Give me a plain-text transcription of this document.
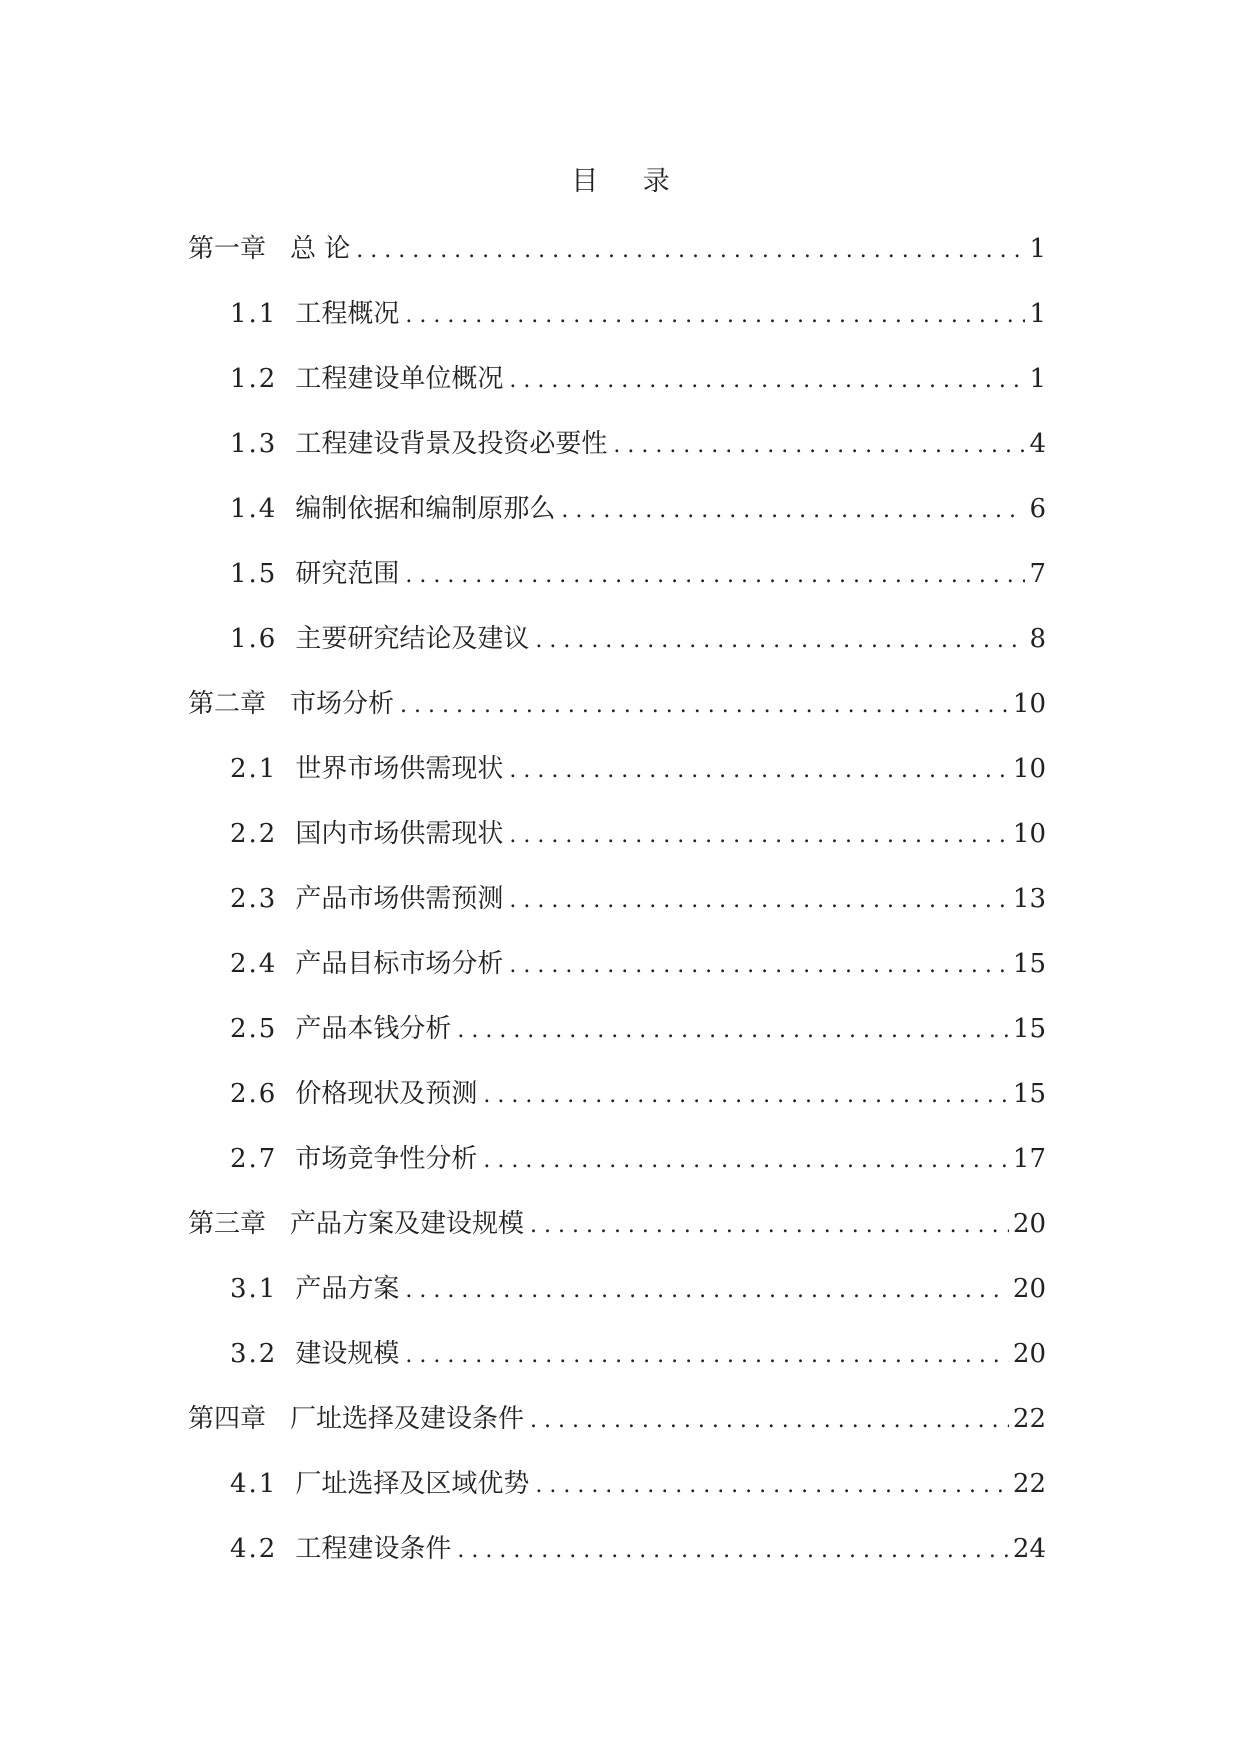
目 录
第一章 总 论 . . .	1
1.1 工程概况 . . .	1
1.2 工程建设单位概况 . . .	1
1.3 工程建设背景及投资必要性 . . .	4
1.4 编制依据和编制原那么 . . .	6
1.5 研究范围 . . .	7
1.6 主要研究结论及建议 . . .	8
第二章 市场分析 . . .	10
2.1 世界市场供需现状 . . .	10
2.2 国内市场供需现状 . . .	10
2.3 产品市场供需预测 . . .	13
2.4 产品目标市场分析 . . .	15
2.5 产品本钱分析 . . .	15
2.6 价格现状及预测 . . .	15
2.7 市场竞争性分析 . . .	17
第三章 产品方案及建设规模 . . .	20
3.1 产品方案 . . .	20
3.2 建设规模 . . .	20
第四章 厂址选择及建设条件 . . .	22
4.1 厂址选择及区域优势 . . .	22
4.2 工程建设条件 . . .	24
